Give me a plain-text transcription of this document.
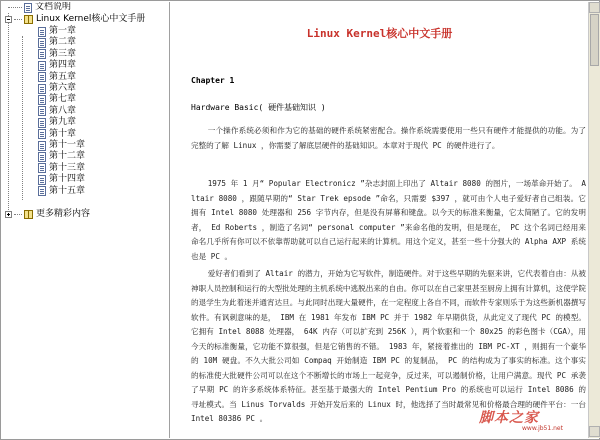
文档说明
Linux Kernel核心中文手册
第一章
第二章
第三章
第四章
第五章
第六章
第七章
第八章
第九章
第十章
第十一章
第十二章
第十三章
第十四章
第十五章
更多精彩内容
Linux Kernel核心中文手册
Chapter 1
Hardware Basic( 硬件基础知识 )

一个操作系统必须和作为它的基础的硬件系统紧密配合。操作系统需要使用一些只有硬件才能提供的功能。为了完整的了解 Linux ，你需要了解底层硬件的基础知识。本章对于现代 PC 的硬件进行了。

1975 年 1 月“ Popular Electronicz ”杂志封面上印出了 Altair 8080 的图片，一场革命开始了。 Altair 8080 ，跟随早期的“ Star Trek epsode ”命名，只需要 $397 ，就可由个人电子爱好者自己组装。它拥有 Intel 8080 处理器和 256 字节内存，但是没有屏幕和键盘。以今天的标准来衡量，它太简陋了。它的发明者， Ed Roberts ，制造了名词“ personal computer ”来命名他的发明，但是现在， PC 这个名词已经用来命名几乎所有你可以不依靠帮助就可以自己运行起来的计算机。用这个定义，甚至一些十分强大的 Alpha AXP 系统也是 PC 。

爱好者们看到了 Altair 的潜力，开始为它写软件，制造硬件。对于这些早期的先驱来讲，它代表着自由：从被神职人员控制和运行的大型批处理的主机系统中逃脱出来的自由。你可以在自己家里甚至厨房上拥有计算机，这使学院的退学生为此着迷并通宵达旦。与此同时出现大量硬件，在一定程度上各自不同，而软件专家则乐于为这些新机器撰写软件。有讽刺意味的是， IBM 在 1981 年发布 IBM PC 并于 1982 年早期供货，从此定义了现代 PC 的模型。它拥有 Intel 8088 处理器， 64K 内存（可以扩充到 256K ），两个软驱和一个 80x25 的彩色图卡（CGA），用今天的标准衡量，它功能不算很强，但是它销售的不错。 1983 年，紧接着推出的 IBM PC-XT ，则拥有一个豪华的 10M 硬盘。不久大批公司如 Compaq 开始制造 IBM PC 的复制品， PC 的结构成为了事实的标准。这个事实的标准使大批硬件公司可以在这个不断增长的市场上一起竞争，反过来，可以遏制价格，让用户满意。现代 PC 承袭了早期 PC 的许多系统体系特征。甚至基于最强大的 Intel Pentium Pro 的系统也可以运行 Intel 8086 的寻址模式。当 Linus Torvalds 开始开发后来的 Linux 时，他选择了当时最常见和价格最合理的硬件平台：一台 Intel 80386 PC 。	脚本之家
www.jb51.net
